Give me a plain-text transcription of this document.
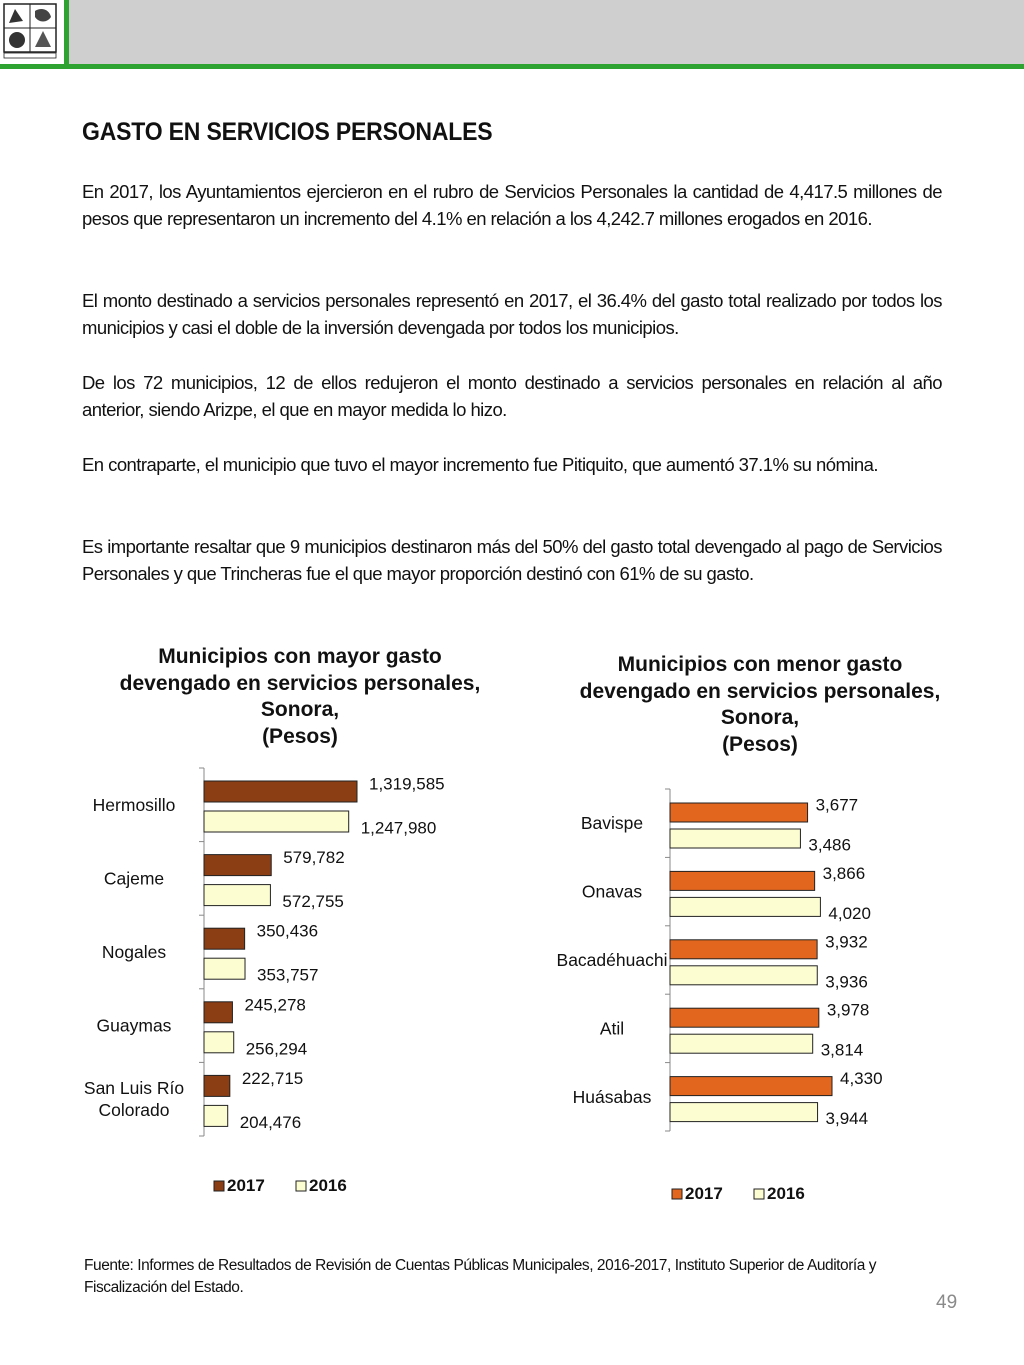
GASTO EN SERVICIOS PERSONALES

En 2017, los Ayuntamientos ejercieron en el rubro de Servicios Personales la cantidad de 4,417.5 millones de pesos que representaron un incremento del 4.1% en relación a los 4,242.7 millones erogados en 2016.

El monto destinado a servicios personales representó en 2017, el 36.4% del gasto total realizado por todos los municipios y casi el doble de la inversión devengada por todos los municipios.

De los 72 municipios, 12 de ellos redujeron el monto destinado a servicios personales en relación al año anterior, siendo Arizpe, el que en mayor medida lo hizo.

En contraparte, el municipio que tuvo el mayor incremento fue Pitiquito, que aumentó 37.1% su nómina.

Es importante resaltar que 9 municipios destinaron más del 50% del gasto total devengado al pago de Servicios Personales y que Trincheras fue el que mayor proporción destinó con 61% de su gasto.

Municipios con mayor gasto
devengado en servicios personales,
Sonora,
(Pesos)
1,319,585
1,247,980
Hermosillo
579,782
572,755
Cajeme
350,436
353,757
Nogales
245,278
256,294
Guaymas
222,715
204,476
San Luis Río
Colorado
2017	2016
Municipios con menor gasto
devengado en servicios personales,
Sonora,
(Pesos)
3,677
3,486
Bavispe
3,866
4,020
Onavas
3,932
3,936
Bacadéhuachi
3,978
3,814
Atil
4,330
3,944
Huásabas
2017	2016
Fuente: Informes de Resultados de Revisión de Cuentas Públicas Municipales, 2016-2017, Instituto Superior de Auditoría y Fiscalización del Estado.
49
